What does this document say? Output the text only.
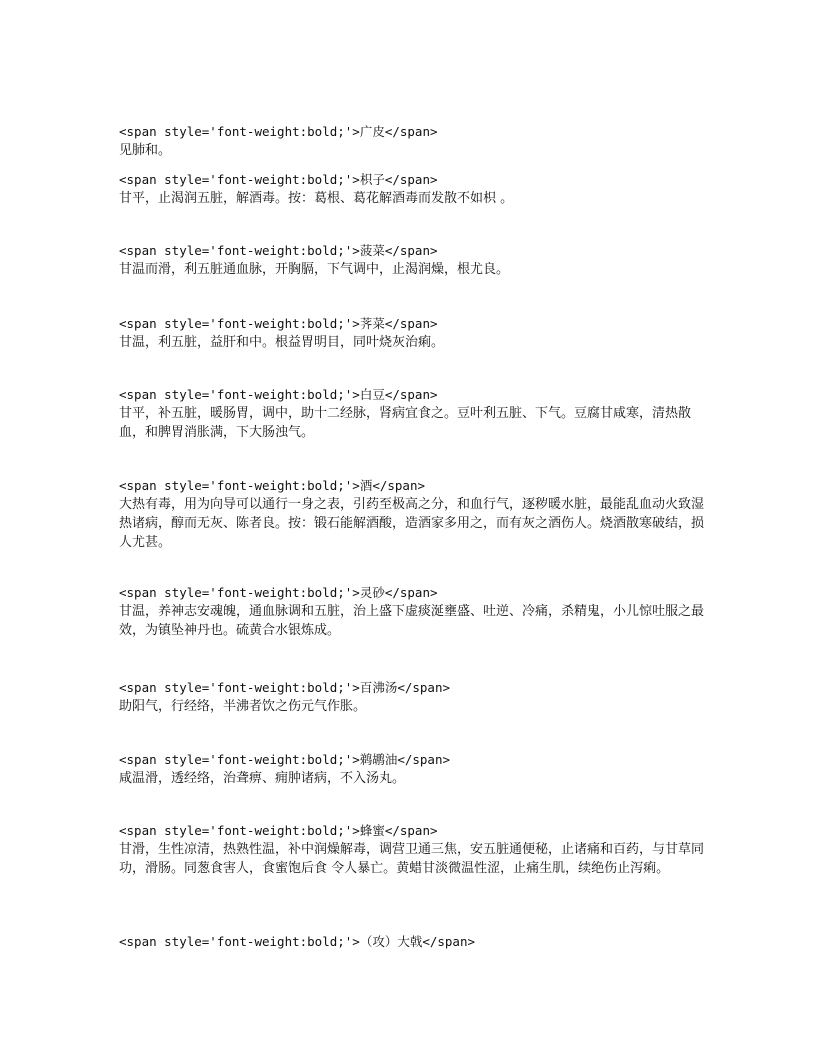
<span style='font-weight:bold;'>广皮</span>
见肺和。
<span style='font-weight:bold;'>枳子</span>
甘平，止渴润五脏，解酒毒。按：葛根、葛花解酒毒而发散不如枳 。
<span style='font-weight:bold;'>菠菜</span>
甘温而滑，利五脏通血脉，开胸膈，下气调中，止渴润燥，根尤良。
<span style='font-weight:bold;'>荠菜</span>
甘温，利五脏，益肝和中。根益胃明目，同叶烧灰治痢。
<span style='font-weight:bold;'>白豆</span>
甘平，补五脏，暖肠胃，调中，助十二经脉，肾病宜食之。豆叶利五脏、下气。豆腐甘咸寒，清热散血，和脾胃消胀满，下大肠浊气。
<span style='font-weight:bold;'>酒</span>
大热有毒，用为向导可以通行一身之表，引药至极高之分，和血行气，逐秽暖水脏，最能乱血动火致湿热诸病，醇而无灰、陈者良。按：锻石能解酒酸，造酒家多用之，而有灰之酒伤人。烧酒散寒破结，损人尤甚。
<span style='font-weight:bold;'>灵砂</span>
甘温，养神志安魂魄，通血脉调和五脏，治上盛下虚痰涎壅盛、吐逆、冷痛，杀精鬼，小儿惊吐服之最效，为镇坠神丹也。硫黄合水银炼成。
<span style='font-weight:bold;'>百沸汤</span>
助阳气，行经络，半沸者饮之伤元气作胀。
<span style='font-weight:bold;'>鹈鹕油</span>
咸温滑，透经络，治聋痹、痈肿诸病，不入汤丸。
<span style='font-weight:bold;'>蜂蜜</span>
甘滑，生性凉清，热熟性温，补中润燥解毒，调营卫通三焦，安五脏通便秘，止诸痛和百药，与甘草同功，滑肠。同葱食害人，食蜜饱后食 令人暴亡。黄蜡甘淡微温性涩，止痛生肌，续绝伤止泻痢。
<span style='font-weight:bold;'>（攻）大戟</span>
